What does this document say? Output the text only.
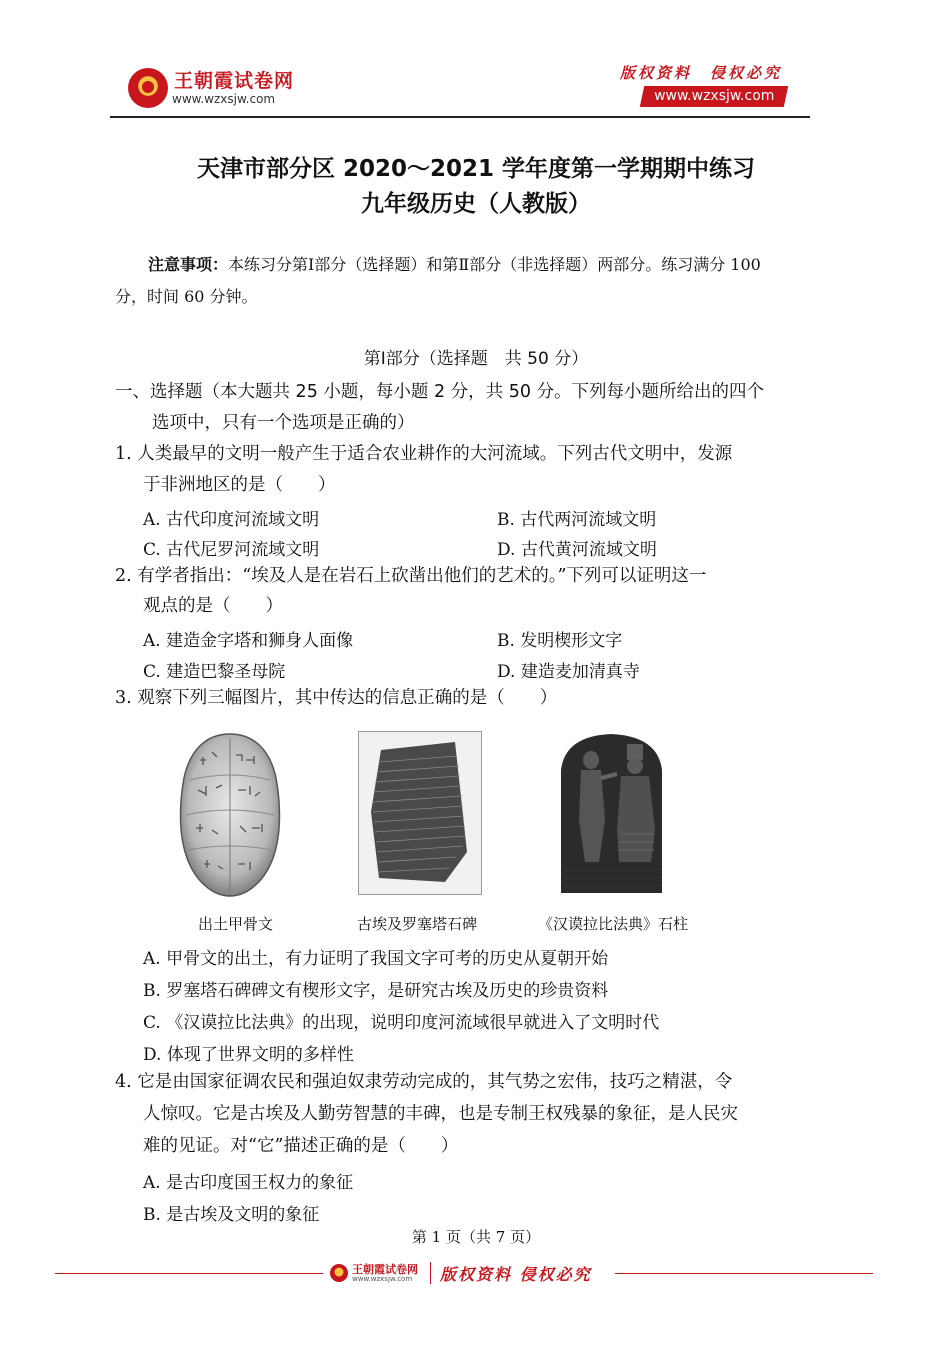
王朝霞试卷网
www.wzxsjw.com
版权资料　侵权必究
www.wzxsjw.com
天津市部分区 2020～2021 学年度第一学期期中练习
九年级历史（人教版）
注意事项：本练习分第Ⅰ部分（选择题）和第Ⅱ部分（非选择题）两部分。练习满分 100
分，时间 60 分钟。
第Ⅰ部分（选择题　共 50 分）
一、选择题（本大题共 25 小题，每小题 2 分，共 50 分。下列每小题所给出的四个
选项中，只有一个选项是正确的）
1. 人类最早的文明一般产生于适合农业耕作的大河流域。下列古代文明中，发源
于非洲地区的是（　　）
A. 古代印度河流域文明	B. 古代两河流域文明
C. 古代尼罗河流域文明	D. 古代黄河流域文明
2. 有学者指出：“埃及人是在岩石上砍凿出他们的艺术的。”下列可以证明这一
观点的是（　　）
A. 建造金字塔和狮身人面像	B. 发明楔形文字
C. 建造巴黎圣母院	D. 建造麦加清真寺
3. 观察下列三幅图片，其中传达的信息正确的是（　　）
出土甲骨文	古埃及罗塞塔石碑	《汉谟拉比法典》石柱
A. 甲骨文的出土，有力证明了我国文字可考的历史从夏朝开始
B. 罗塞塔石碑碑文有楔形文字，是研究古埃及历史的珍贵资料
C. 《汉谟拉比法典》的出现，说明印度河流域很早就进入了文明时代
D. 体现了世界文明的多样性
4. 它是由国家征调农民和强迫奴隶劳动完成的，其气势之宏伟，技巧之精湛，令
人惊叹。它是古埃及人勤劳智慧的丰碑，也是专制王权残暴的象征，是人民灾
难的见证。对“它”描述正确的是（　　）
A. 是古印度国王权力的象征
B. 是古埃及文明的象征
第 1 页（共 7 页）
王朝霞试卷网
www.wzxsjw.com 版权资料 侵权必究
